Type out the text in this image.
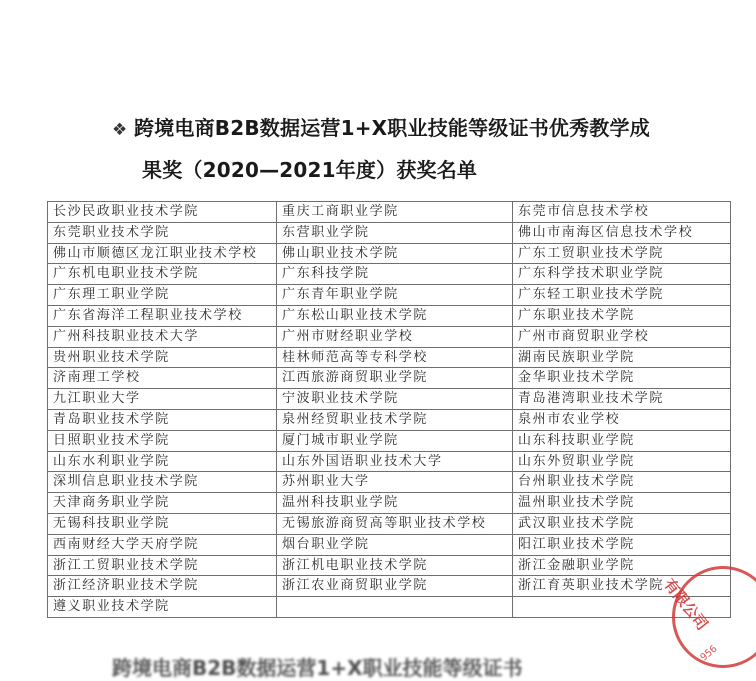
❖ 跨境电商B2B数据运营1+X职业技能等级证书优秀教学成
果奖（2020—2021年度）获奖名单
长沙民政职业技术学院	重庆工商职业学院	东莞市信息技术学校
东莞职业技术学院	东营职业学院	佛山市南海区信息技术学校
佛山市顺德区龙江职业技术学校	佛山职业技术学院	广东工贸职业技术学院
广东机电职业技术学院	广东科技学院	广东科学技术职业学院
广东理工职业学院	广东青年职业学院	广东轻工职业技术学院
广东省海洋工程职业技术学校	广东松山职业技术学院	广东职业技术学院
广州科技职业技术大学	广州市财经职业学校	广州市商贸职业学校
贵州职业技术学院	桂林师范高等专科学校	湖南民族职业学院
济南理工学校	江西旅游商贸职业学院	金华职业技术学院
九江职业大学	宁波职业技术学院	青岛港湾职业技术学院
青岛职业技术学院	泉州经贸职业技术学院	泉州市农业学校
日照职业技术学院	厦门城市职业学院	山东科技职业学院
山东水利职业学院	山东外国语职业技术大学	山东外贸职业学院
深圳信息职业技术学院	苏州职业大学	台州职业技术学院
天津商务职业学院	温州科技职业学院	温州职业技术学院
无锡科技职业学院	无锡旅游商贸高等职业技术学校	武汉职业技术学院
西南财经大学天府学院	烟台职业学院	阳江职业技术学院
浙江工贸职业技术学院	浙江机电职业技术学院	浙江金融职业学院
浙江经济职业技术学院	浙江农业商贸职业学院	浙江育英职业技术学院
遵义职业技术学院			有限公司
956
跨境电商B2B数据运营1+X职业技能等级证书
